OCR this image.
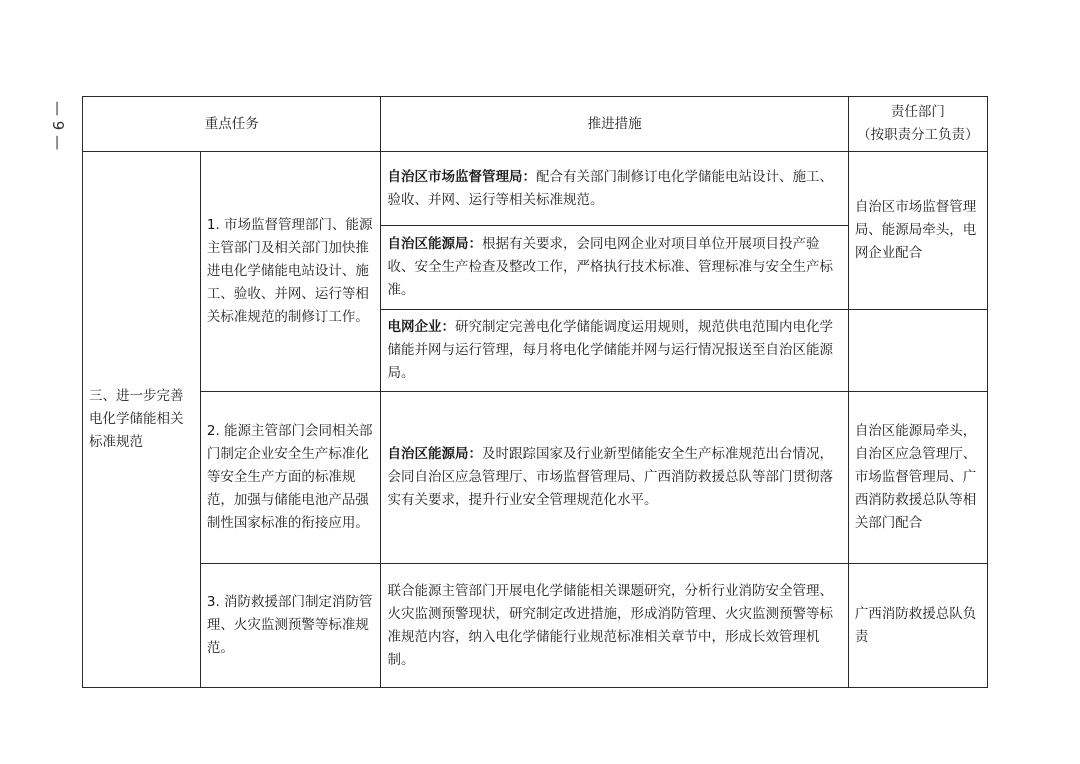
— 9 —	重点任务		推进措施	责任部门
（按职责分工负责）

三、进一步完善电化学储能相关标准规范	1. 市场监督管理部门、能源主管部门及相关部门加快推进电化学储能电站设计、施工、验收、并网、运行等相关标准规范的制修订工作。	自治区市场监督管理局：配合有关部门制修订电化学储能电站设计、施工、验收、并网、运行等相关标准规范。	自治区市场监督管理局、能源局牵头，电网企业配合
		自治区能源局：根据有关要求，会同电网企业对项目单位开展项目投产验收、安全生产检查及整改工作，严格执行技术标准、管理标准与安全生产标准。	
		电网企业：研究制定完善电化学储能调度运用规则，规范供电范围内电化学储能并网与运行管理，每月将电化学储能并网与运行情况报送至自治区能源局。	
	2. 能源主管部门会同相关部门制定企业安全生产标准化等安全生产方面的标准规范，加强与储能电池产品强制性国家标准的衔接应用。	自治区能源局：及时跟踪国家及行业新型储能安全生产标准规范出台情况，会同自治区应急管理厅、市场监督管理局、广西消防救援总队等部门贯彻落实有关要求，提升行业安全管理规范化水平。	自治区能源局牵头，自治区应急管理厅、市场监督管理局、广西消防救援总队等相关部门配合
	3. 消防救援部门制定消防管理、火灾监测预警等标准规范。	联合能源主管部门开展电化学储能相关课题研究，分析行业消防安全管理、火灾监测预警现状，研究制定改进措施，形成消防管理、火灾监测预警等标准规范内容，纳入电化学储能行业规范标准相关章节中，形成长效管理机制。	广西消防救援总队负责
